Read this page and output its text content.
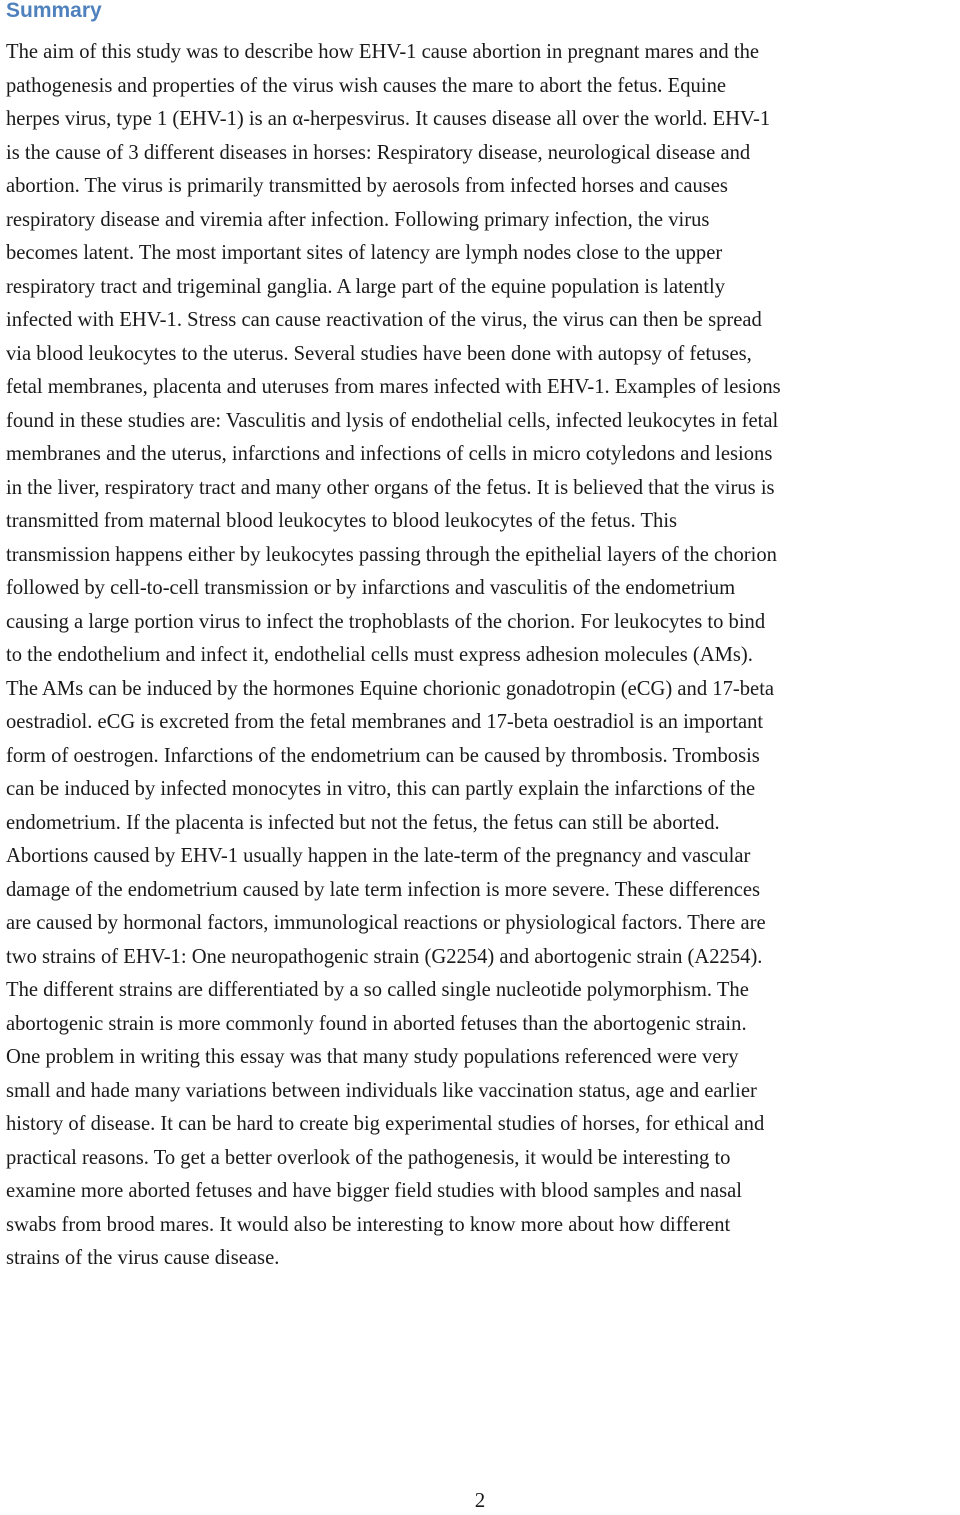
Summary
The aim of this study was to describe how EHV-1 cause abortion in pregnant mares and the
pathogenesis and properties of the virus wish causes the mare to abort the fetus. Equine
herpes virus, type 1 (EHV-1) is an α-herpesvirus. It causes disease all over the world. EHV-1
is the cause of 3 different diseases in horses: Respiratory disease, neurological disease and
abortion. The virus is primarily transmitted by aerosols from infected horses and causes
respiratory disease and viremia after infection. Following primary infection, the virus
becomes latent. The most important sites of latency are lymph nodes close to the upper
respiratory tract and trigeminal ganglia. A large part of the equine population is latently
infected with EHV-1. Stress can cause reactivation of the virus, the virus can then be spread
via blood leukocytes to the uterus. Several studies have been done with autopsy of fetuses,
fetal membranes, placenta and uteruses from mares infected with EHV-1. Examples of lesions
found in these studies are: Vasculitis and lysis of endothelial cells, infected leukocytes in fetal
membranes and the uterus, infarctions and infections of cells in micro cotyledons and lesions
in the liver, respiratory tract and many other organs of the fetus. It is believed that the virus is
transmitted from maternal blood leukocytes to blood leukocytes of the fetus. This
transmission happens either by leukocytes passing through the epithelial layers of the chorion
followed by cell-to-cell transmission or by infarctions and vasculitis of the endometrium
causing a large portion virus to infect the trophoblasts of the chorion. For leukocytes to bind
to the endothelium and infect it, endothelial cells must express adhesion molecules (AMs).
The AMs can be induced by the hormones Equine chorionic gonadotropin (eCG) and 17-beta
oestradiol. eCG is excreted from the fetal membranes and 17-beta oestradiol is an important
form of oestrogen. Infarctions of the endometrium can be caused by thrombosis. Trombosis
can be induced by infected monocytes in vitro, this can partly explain the infarctions of the
endometrium. If the placenta is infected but not the fetus, the fetus can still be aborted.
Abortions caused by EHV-1 usually happen in the late-term of the pregnancy and vascular
damage of the endometrium caused by late term infection is more severe. These differences
are caused by hormonal factors, immunological reactions or physiological factors. There are
two strains of EHV-1: One neuropathogenic strain (G2254) and abortogenic strain (A2254).
The different strains are differentiated by a so called single nucleotide polymorphism. The
abortogenic strain is more commonly found in aborted fetuses than the abortogenic strain.
One problem in writing this essay was that many study populations referenced were very
small and hade many variations between individuals like vaccination status, age and earlier
history of disease. It can be hard to create big experimental studies of horses, for ethical and
practical reasons. To get a better overlook of the pathogenesis, it would be interesting to
examine more aborted fetuses and have bigger field studies with blood samples and nasal
swabs from brood mares. It would also be interesting to know more about how different
strains of the virus cause disease.
2
